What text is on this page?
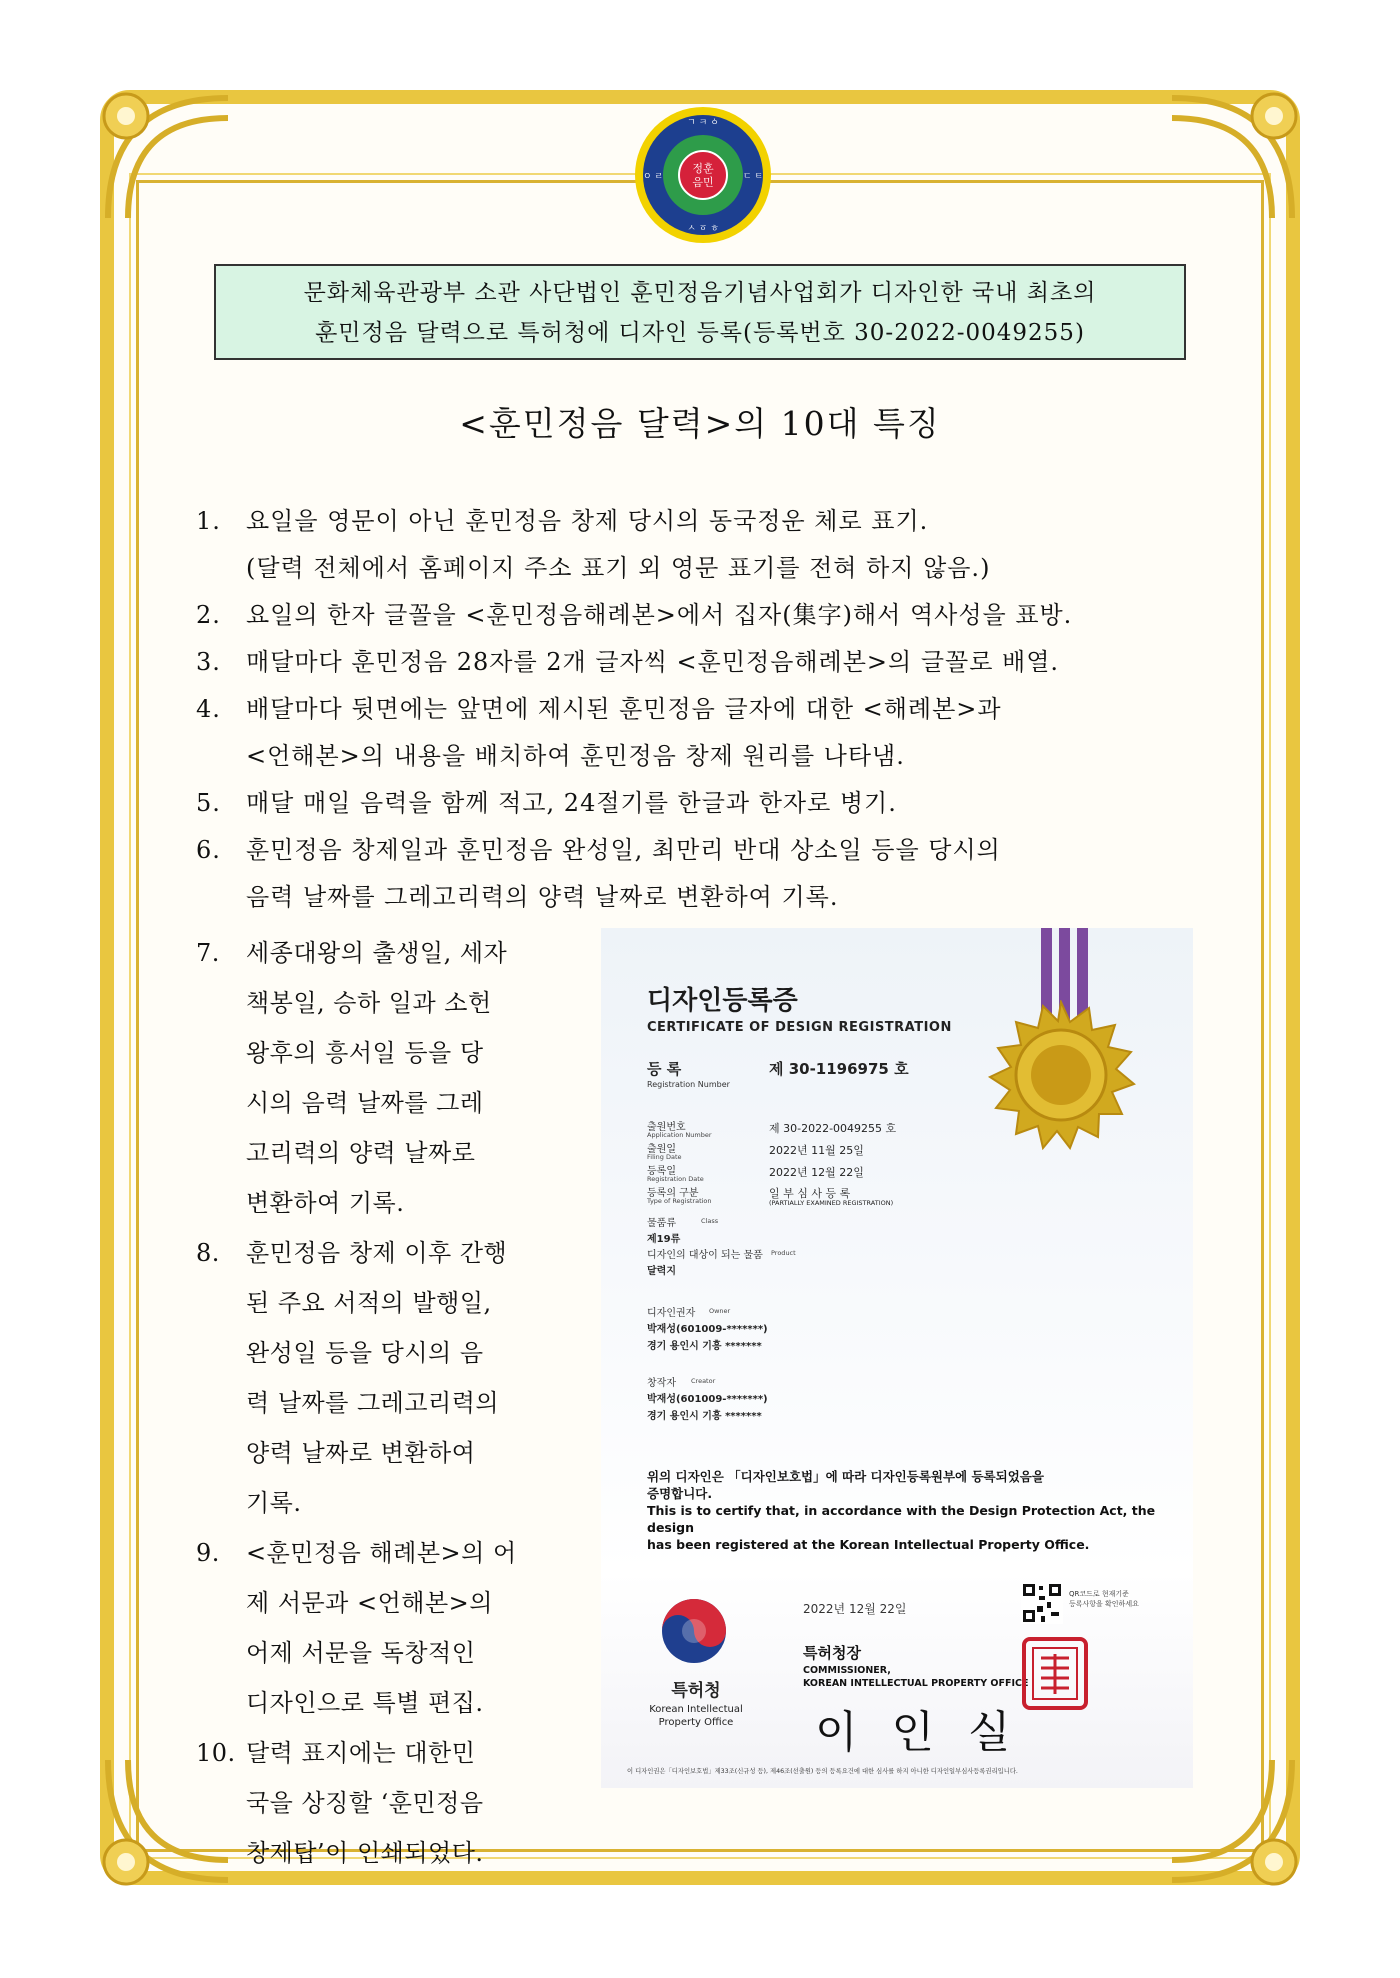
ㄱ ㅋ ㆁ
ㄷ ㅌ
ㅅ ㆆ ㅎ
ㅇ ㄹ
정훈
음민
문화체육관광부 소관 사단법인 훈민정음기념사업회가 디자인한 국내 최초의
훈민정음 달력으로 특허청에 디자인 등록(등록번호 30-2022-0049255)
<훈민정음 달력>의 10대 특징
1. 요일을 영문이 아닌 훈민정음 창제 당시의 동국정운 체로 표기.
(달력 전체에서 홈페이지 주소 표기 외 영문 표기를 전혀 하지 않음.)
2. 요일의 한자 글꼴을 <훈민정음해례본>에서 집자(集字)해서 역사성을 표방.
3. 매달마다 훈민정음 28자를 2개 글자씩 <훈민정음해례본>의 글꼴로 배열.
4. 배달마다 뒷면에는 앞면에 제시된 훈민정음 글자에 대한 <해례본>과
<언해본>의 내용을 배치하여 훈민정음 창제 원리를 나타냄.
5. 매달 매일 음력을 함께 적고, 24절기를 한글과 한자로 병기.
6. 훈민정음 창제일과 훈민정음 완성일, 최만리 반대 상소일 등을 당시의
음력 날짜를 그레고리력의 양력 날짜로 변환하여 기록.
7. 세종대왕의 출생일, 세자
책봉일, 승하 일과 소헌
왕후의 흥서일 등을 당
시의 음력 날짜를 그레
고리력의 양력 날짜로
변환하여 기록.
8. 훈민정음 창제 이후 간행
된 주요 서적의 발행일,
완성일 등을 당시의 음
력 날짜를 그레고리력의
양력 날짜로 변환하여
기록.
9. <훈민정음 해례본>의 어
제 서문과 <언해본>의
어제 서문을 독창적인
디자인으로 특별 편집.
10. 달력 표지에는 대한민
국을 상징할 ‘훈민정음
창제탑’이 인쇄되었다.
디자인등록증
CERTIFICATE OF DESIGN REGISTRATION
등 록
Registration Number
제 30-1196975 호
출원번호
Application Number	제 30-2022-0049255 호
출원일
Filing Date	2022년 11월 25일
등록일
Registration Date	2022년 12월 22일
등록의 구분
Type of Registration
일 부 심 사 등 록
(PARTIALLY EXAMINED REGISTRATION)
물품류	Class
제19류
디자인의 대상이 되는 물품 Product
달력지
디자인권자 Owner
박재성(601009-*******)
경기 용인시 기흥 *******
창작자 Creator
박재성(601009-*******)
경기 용인시 기흥 *******
위의 디자인은 「디자인보호법」에 따라 디자인등록원부에 등록되었음을
증명합니다.
This is to certify that, in accordance with the Design Protection Act, the design
has been registered at the Korean Intellectual Property Office.
특허청
Korean Intellectual
Property Office
2022년 12월 22일
QR코드로 현재기준
등록사항을 확인하세요
특허청장
COMMISSIONER,
KOREAN INTELLECTUAL PROPERTY OFFICE
이 인 실
이 디자인권은「디자인보호법」제33조(신규성 등), 제46조(선출원) 등의 등록요건에 대한 심사를 하지 아니한 디자인일부심사등록권리입니다.
